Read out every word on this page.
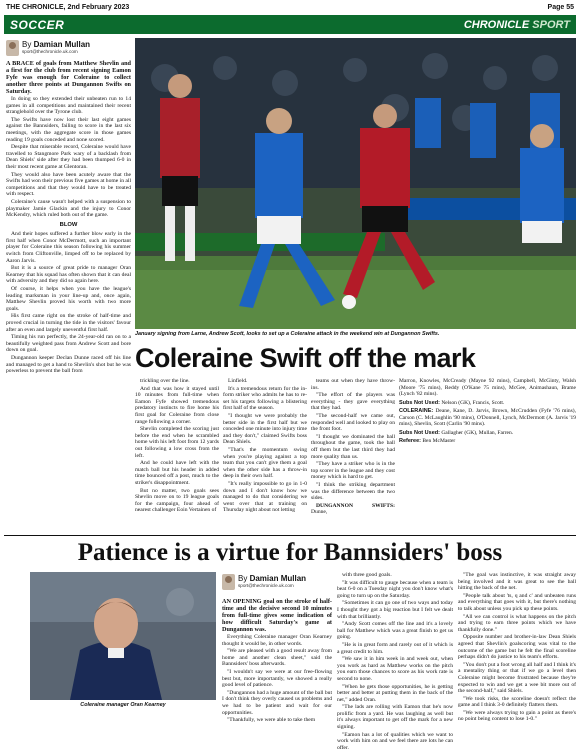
THE CHRONICLE, 2nd February 2023	Page 55
SOCCER	CHRONICLE SPORT
By Damian Mullan
sport@thechronicle.uk.com

A BRACE of goals from Matthew Shevlin and a first for the club from recent signing Eamon Fyfe was enough for Coleraine to collect another three points at Dungannon Swifts on Saturday.

In doing so they extended their unbeaten run to 14 games in all competitions and maintained their recent stranglehold over the Tyrone club.

The Swifts have now lost their last eight games against the Bannsiders, failing to score in the last six meetings, with the aggregate score in those games reading 19 goals conceded and none scored.

Despite that miserable record, Coleraine would have travelled to Stangmore Park wary of a backlash from Dean Shiels' side after they had been thumped 6-0 in their most recent game at Glentoran.

They would also have been acutely aware that the Swifts had won their previous five games at home in all competitions and that they would have to be treated with respect.

Coleraine's cause wasn't helped with a suspension to playmaker Jamie Glackin and the injury to Conor McKendry, which ruled both out of the game.

BLOW

And their hopes suffered a further blow early in the first half when Conor McDermott, such an important player for Coleraine this season following his summer switch from Cliftonville, limped off to be replaced by Aaron Jarvis.

But it is a source of great pride to manager Oran Kearney that his squad has often shown that it can deal with adversity and they did so again here.

Of course, it helps when you have the league's leading marksman in your line-up and, once again, Matthew Shevlin proved his worth with two more goals.

His first came right on the stroke of half-time and proved crucial in turning the tide in the visitors' favour after an even and largely uneventful first half.

Timing his run perfectly, the 24-year-old ran on to a beautifully weighted pass from Andrew Scott and bore down on goal.

Dungannon keeper Declan Dunne raced off his line and managed to get a hand to Shevlin's shot but he was powerless to prevent the ball from

January signing from Larne, Andrew Scott, looks to set up a Coleraine attack in the weekend win at Dungannon Swifts.
Coleraine Swift off the mark

trickling over the line.

And that was how it stayed until 10 minutes from full-time when Eamon Fyfe showed tremendous predatory instincts to fire home his first goal for Coleraine from close range following a corner.

Shevlin completed the scoring just before the end when he scrambled home with his left foot from 12 yards out following a low cross from the left.

And he could have left with the match ball but his header in added time bounced off a post, much to the striker's disappointment.

But no matter, two goals sees Shevlin move on to 19 league goals for the campaign, four ahead of nearest challenger Eoin Vertainen of

Linfield.

It's a tremendous return for the in-form striker who admits he has to re-set his targets following a blistering first half of the season.

"I thought we were probably the better side in the first half but we conceded one minute into injury time and they don't," claimed Swifts boss Dean Shiels.

"That's the momentum swing when you're playing against a top team that you can't give them a goal when the other side has a throw-in deep in their own half.

"It's really impossible to go in 1-0 down and I don't know how we managed to do that considering we went over that at training on Thursday night about not letting

teams out when they have throw-ins.

"The effort of the players was everything - they gave everything that they had.

"The second-half we came out, responded well and looked to play on the front foot.

"I thought we dominated the ball throughout the game, took the ball off them but the last third they had more quality than us.

"They have a striker who is in the top scorer in the league and they cost money which is hard to get.

"I think the striking department was the difference between the two sides.

DUNGANNON SWIFTS: Dunne,

Marron, Knowles, McCready (Mayne 92 mins), Campbell, McGinty, Walsh (Moore '75 mins), Reddy (O'Kane 75 mins), McGee, Animashaun, Brame (Lynch '82 mins).

Subs Not Used: Nelson (GK), Francis, Scott.

COLERAINE: Deane, Kane, D. Jarvis, Brown, McCrudden (Fyfe '76 mins), Carson (C. McLaughlin '90 mins), O'Donnell, Lynch, McDermott (A. Jarvis '19 mins), Shevlin, Scott (Carlin '90 mins).

Subs Not Used: Gallagher (GK), Mullan, Farren.

Referee: Ben McMaster

Patience is a virtue for Bannsiders' boss
Coleraine manager Oran Kearney
By Damian Mullan
sport@thechronicle.uk.com

AN OPENING goal on the stroke of half-time and the decisive second 10 minutes from full-time gives some indication of how difficult Saturday's game at Dungannon was.

Everything Coleraine manager Oran Kearney thought it would be, in other words.

"We are pleased with a good result away from home and another clean sheet," said the Bannsiders' boss afterwards.

"I wouldn't say we were at our free-flowing best but, more importantly, we showed a really good level of patience.

"Dungannon had a huge amount of the ball but I don't think they overly caused us problems and we had to be patient and wait for our opportunities.

"Thankfully, we were able to take them

with three good goals.

"It was difficult to gauge because when a team is beat 6-0 on a Tuesday night you don't know what's going to turn up on the Saturday.

"Sometimes it can go one of two ways and today I thought they got a big reaction but I felt we dealt with that brilliantly.

"Andy Scott comes off the line and it's a lovely ball for Matthew which was a great finish to get us going.

"He is in great form and rarely out of it which is a great credit to him.

"We saw it in him week in and week out, when you work as hard as Matthew works on the pitch you earn those chances to score as his work rate is second to none.

"When he gets those opportunities, he is getting better and better at putting them in the back of the net," added Oran.

"The lads are rolling with Eamon that he's now prolific from a yard. He was laughing as well but it's always important to get off the mark for a new signing.

"Eamon has a lot of qualities which we want to work with him on and we feel there are lots he can offer.

"The goal was instinctive, it was straight away being involved and it was great to see the ball hitting the back of the net.

"People talk about 'ts, q and c' and unbeaten runs and everything that goes with it, but there's nothing to talk about unless you pick up these points.

"All we can control is what happens on the pitch and trying to earn three points which we have thankfully done."

Opposite number and brother-in-law Dean Shiels agreed that Shevlin's goalscoring was vital to the outcome of the game but he felt the final scoreline perhaps didn't do justice to his team's efforts.

"You don't put a foot wrong all half and I think it's a mentality thing or that if we go a level then Coleraine might become frustrated because they're expected to win and we get a wee bit more out of the second-half," said Shiels.

"We took risks, the scoreline doesn't reflect the game and I think 3-0 definitely flatters them.

"We were always trying to gain a point as there's no point being content to lose 1-0."
